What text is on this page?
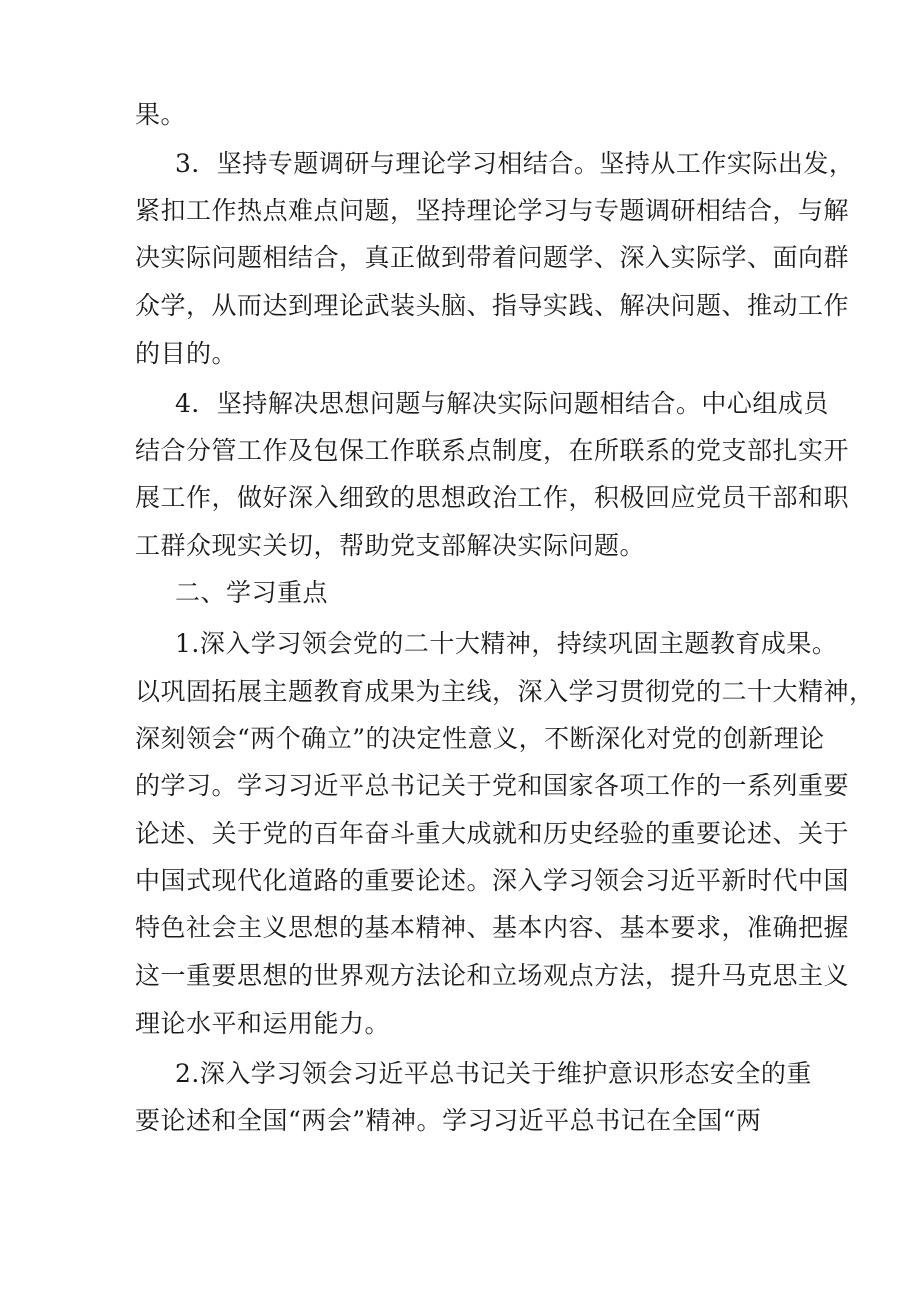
果。
3．坚持专题调研与理论学习相结合。坚持从工作实际出发，
紧扣工作热点难点问题，坚持理论学习与专题调研相结合，与解
决实际问题相结合，真正做到带着问题学、深入实际学、面向群
众学，从而达到理论武装头脑、指导实践、解决问题、推动工作
的目的。
4．坚持解决思想问题与解决实际问题相结合。中心组成员
结合分管工作及包保工作联系点制度，在所联系的党支部扎实开
展工作，做好深入细致的思想政治工作，积极回应党员干部和职
工群众现实关切，帮助党支部解决实际问题。
二、学习重点
1.深入学习领会党的二十大精神，持续巩固主题教育成果。
以巩固拓展主题教育成果为主线，深入学习贯彻党的二十大精神，
深刻领会“两个确立”的决定性意义，不断深化对党的创新理论
的学习。学习习近平总书记关于党和国家各项工作的一系列重要
论述、关于党的百年奋斗重大成就和历史经验的重要论述、关于
中国式现代化道路的重要论述。深入学习领会习近平新时代中国
特色社会主义思想的基本精神、基本内容、基本要求，准确把握
这一重要思想的世界观方法论和立场观点方法，提升马克思主义
理论水平和运用能力。
2.深入学习领会习近平总书记关于维护意识形态安全的重
要论述和全国“两会”精神。学习习近平总书记在全国“两
